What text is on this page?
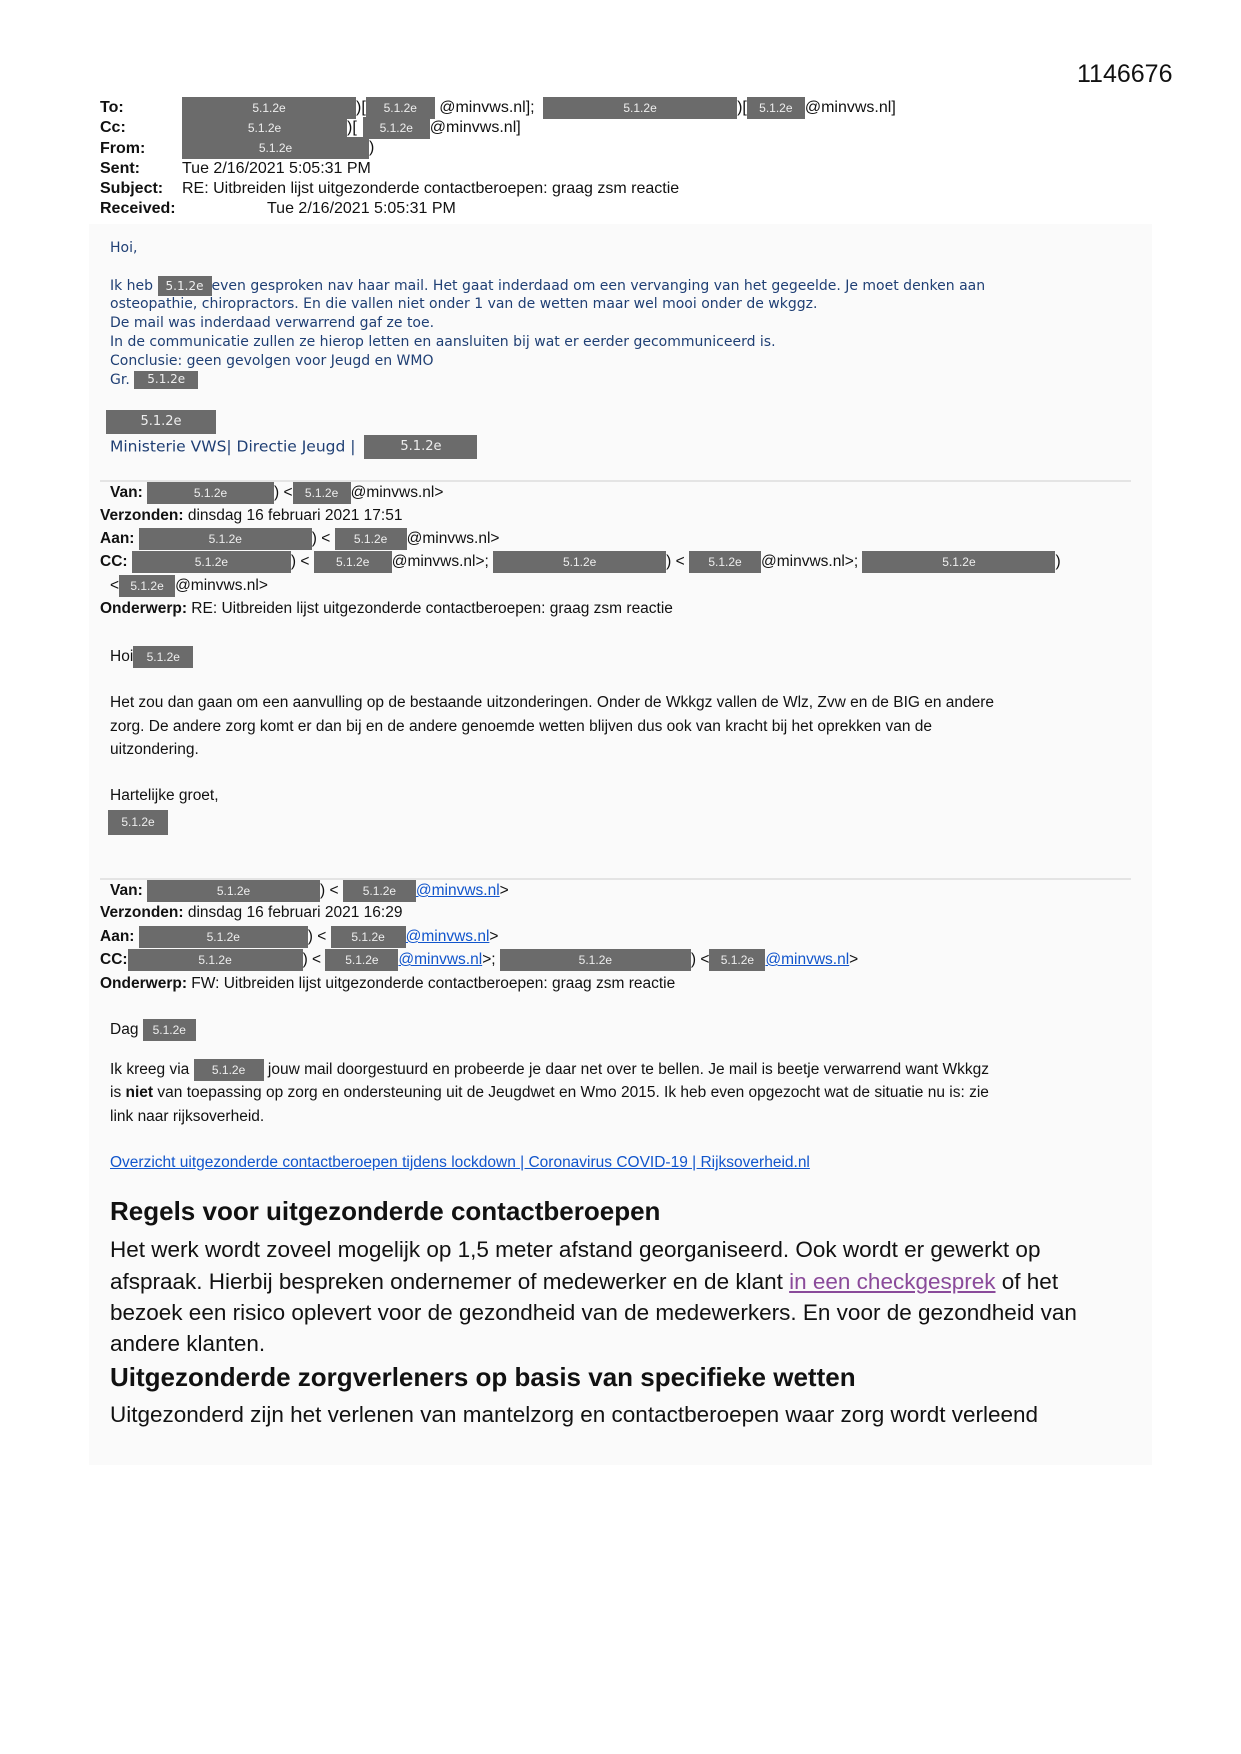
1146676
To:	5.1.2e	)[ 5.1.2e @minvws.nl];	5.1.2e	)[ 5.1.2e @minvws.nl]
Cc:	5.1.2e	)[ 5.1.2e @minvws.nl]
From:	5.1.2e	)
Sent:	Tue 2/16/2021 5:05:31 PM
Subject: RE: Uitbreiden lijst uitgezonderde contactberoepen: graag zsm reactie
Received:	Tue 2/16/2021 5:05:31 PM
Hoi,
Ik heb 5.1.2e even gesproken nav haar mail. Het gaat inderdaad om een vervanging van het gegeelde. Je moet denken aan
osteopathie, chiropractors. En die vallen niet onder 1 van de wetten maar wel mooi onder de wkggz.
De mail was inderdaad verwarrend gaf ze toe.
In de communicatie zullen ze hierop letten en aansluiten bij wat er eerder gecommuniceerd is.
Conclusie: geen gevolgen voor Jeugd en WMO
Gr. 5.1.2e
5.1.2e
Ministerie VWS| Directie Jeugd |	5.1.2e
Van:	5.1.2e	) < 5.1.2e @minvws.nl>
Verzonden: dinsdag 16 februari 2021 17:51
Aan:	5.1.2e	) < 5.1.2e @minvws.nl>
CC:	5.1.2e	) < 5.1.2e @minvws.nl>;	5.1.2e	) < 5.1.2e @minvws.nl>;	5.1.2e	)
< 5.1.2e @minvws.nl>
Onderwerp: RE: Uitbreiden lijst uitgezonderde contactberoepen: graag zsm reactie
Hoi 5.1.2e
Het zou dan gaan om een aanvulling op de bestaande uitzonderingen. Onder de Wkkgz vallen de Wlz, Zvw en de BIG en andere
zorg. De andere zorg komt er dan bij en de andere genoemde wetten blijven dus ook van kracht bij het oprekken van de
uitzondering.
Hartelijke groet,
5.1.2e
Van:	5.1.2e	) < 5.1.2e @minvws.nl>
Verzonden: dinsdag 16 februari 2021 16:29
Aan:	5.1.2e	) < 5.1.2e @minvws.nl>
CC:	5.1.2e	) < 5.1.2e @minvws.nl>;	5.1.2e	) < 5.1.2e @minvws.nl>
Onderwerp: FW: Uitbreiden lijst uitgezonderde contactberoepen: graag zsm reactie
Dag 5.1.2e
Ik kreeg via 5.1.2e jouw mail doorgestuurd en probeerde je daar net over te bellen. Je mail is beetje verwarrend want Wkkgz
is niet van toepassing op zorg en ondersteuning uit de Jeugdwet en Wmo 2015. Ik heb even opgezocht wat de situatie nu is: zie
link naar rijksoverheid.
Overzicht uitgezonderde contactberoepen tijdens lockdown | Coronavirus COVID-19 | Rijksoverheid.nl
Regels voor uitgezonderde contactberoepen
Het werk wordt zoveel mogelijk op 1,5 meter afstand georganiseerd. Ook wordt er gewerkt op
afspraak. Hierbij bespreken ondernemer of medewerker en de klant in een checkgesprek of het
bezoek een risico oplevert voor de gezondheid van de medewerkers. En voor de gezondheid van
andere klanten.
Uitgezonderde zorgverleners op basis van specifieke wetten
Uitgezonderd zijn het verlenen van mantelzorg en contactberoepen waar zorg wordt verleend
